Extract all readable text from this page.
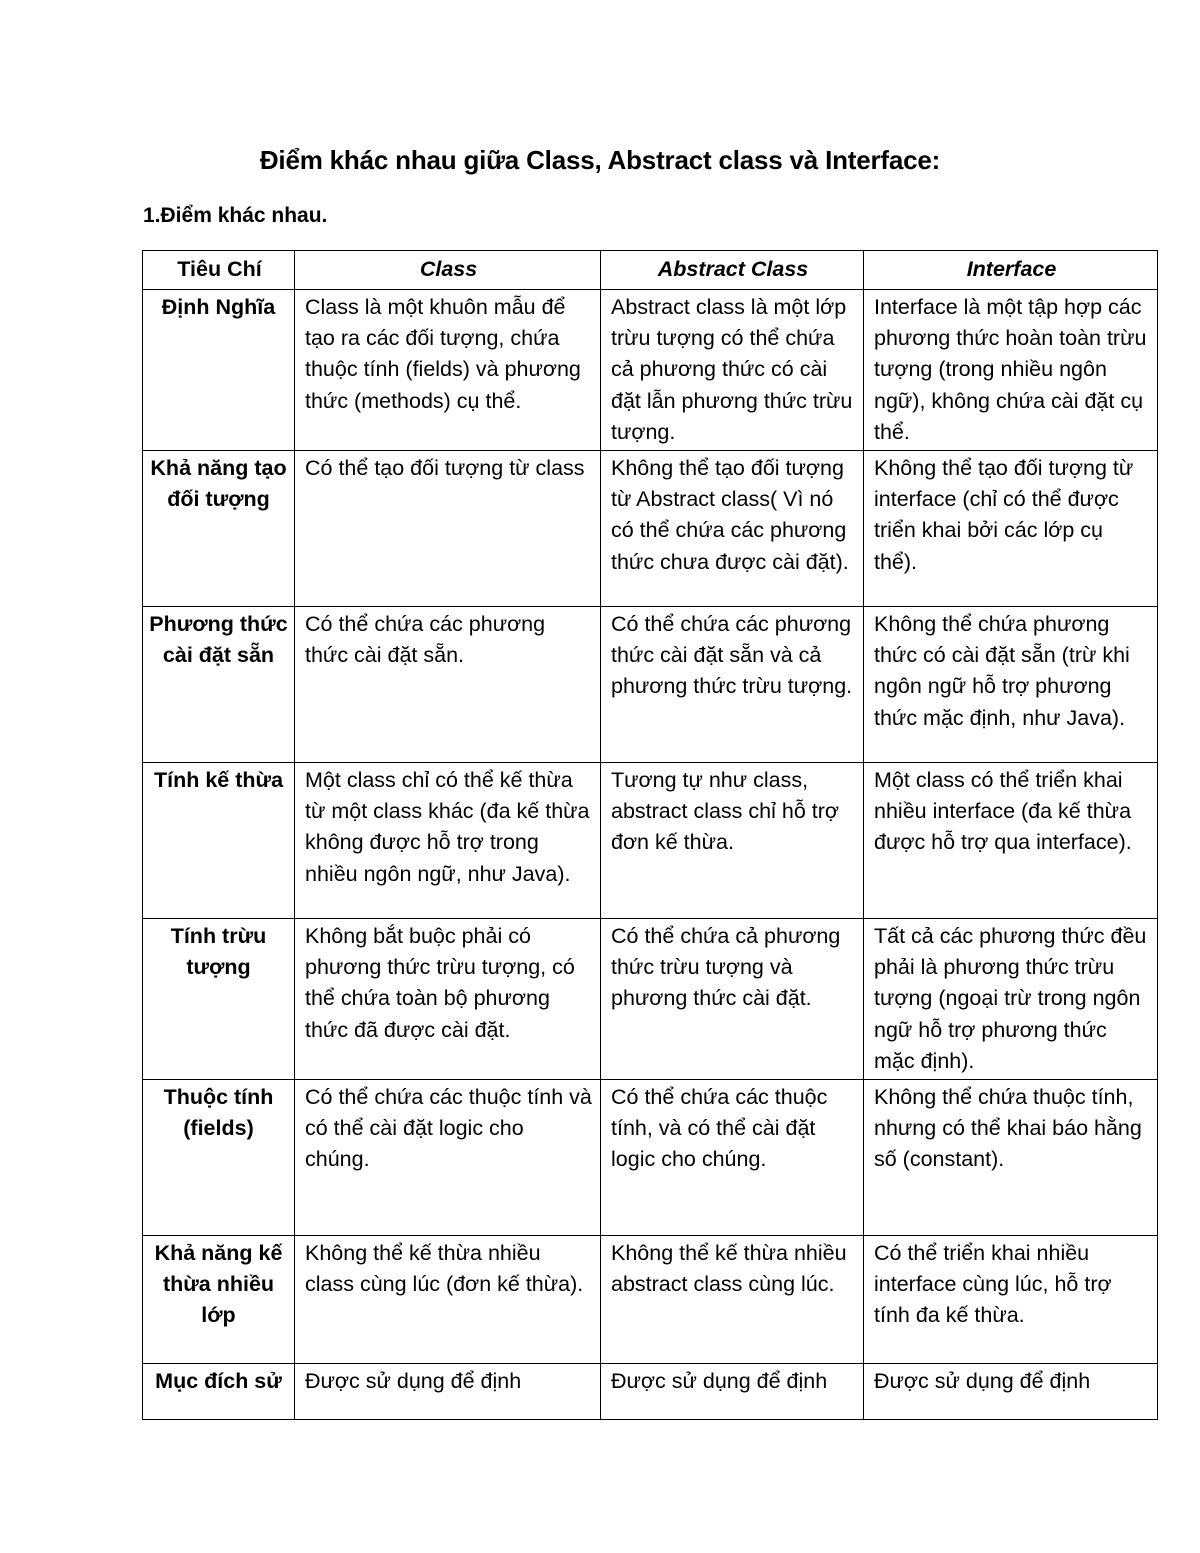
Điểm khác nhau giữa Class, Abstract class và Interface:
1.Điểm khác nhau.
Tiêu Chí	Class	Abstract Class	Interface
Định Nghĩa	Class là một khuôn mẫu để tạo ra các đối tượng, chứa thuộc tính (fields) và phương thức (methods) cụ thể.	Abstract class là một lớp trừu tượng có thể chứa cả phương thức có cài đặt lẫn phương thức trừu tượng.	Interface là một tập hợp các phương thức hoàn toàn trừu tượng (trong nhiều ngôn ngữ), không chứa cài đặt cụ thể.
Khả năng tạo đối tượng	Có thể tạo đối tượng từ class	Không thể tạo đối tượng từ Abstract class( Vì nó có thể chứa các phương thức chưa được cài đặt).	Không thể tạo đối tượng từ interface (chỉ có thể được triển khai bởi các lớp cụ thể).
Phương thức cài đặt sẵn	Có thể chứa các phương thức cài đặt sẵn.	Có thể chứa các phương thức cài đặt sẵn và cả phương thức trừu tượng.	Không thể chứa phương thức có cài đặt sẵn (trừ khi ngôn ngữ hỗ trợ phương thức mặc định, như Java).
Tính kế thừa	Một class chỉ có thể kế thừa từ một class khác (đa kế thừa không được hỗ trợ trong nhiều ngôn ngữ, như Java).	Tương tự như class, abstract class chỉ hỗ trợ đơn kế thừa.	Một class có thể triển khai nhiều interface (đa kế thừa được hỗ trợ qua interface).
Tính trừu tượng	Không bắt buộc phải có phương thức trừu tượng, có thể chứa toàn bộ phương thức đã được cài đặt.	Có thể chứa cả phương thức trừu tượng và phương thức cài đặt.	Tất cả các phương thức đều phải là phương thức trừu tượng (ngoại trừ trong ngôn ngữ hỗ trợ phương thức mặc định).
Thuộc tính (fields)	Có thể chứa các thuộc tính và có thể cài đặt logic cho chúng.	Có thể chứa các thuộc tính, và có thể cài đặt logic cho chúng.	Không thể chứa thuộc tính, nhưng có thể khai báo hằng số (constant).
Khả năng kế thừa nhiều lớp	Không thể kế thừa nhiều class cùng lúc (đơn kế thừa).	Không thể kế thừa nhiều abstract class cùng lúc.	Có thể triển khai nhiều interface cùng lúc, hỗ trợ tính đa kế thừa.
Mục đích sử	Được sử dụng để định	Được sử dụng để định	Được sử dụng để định
